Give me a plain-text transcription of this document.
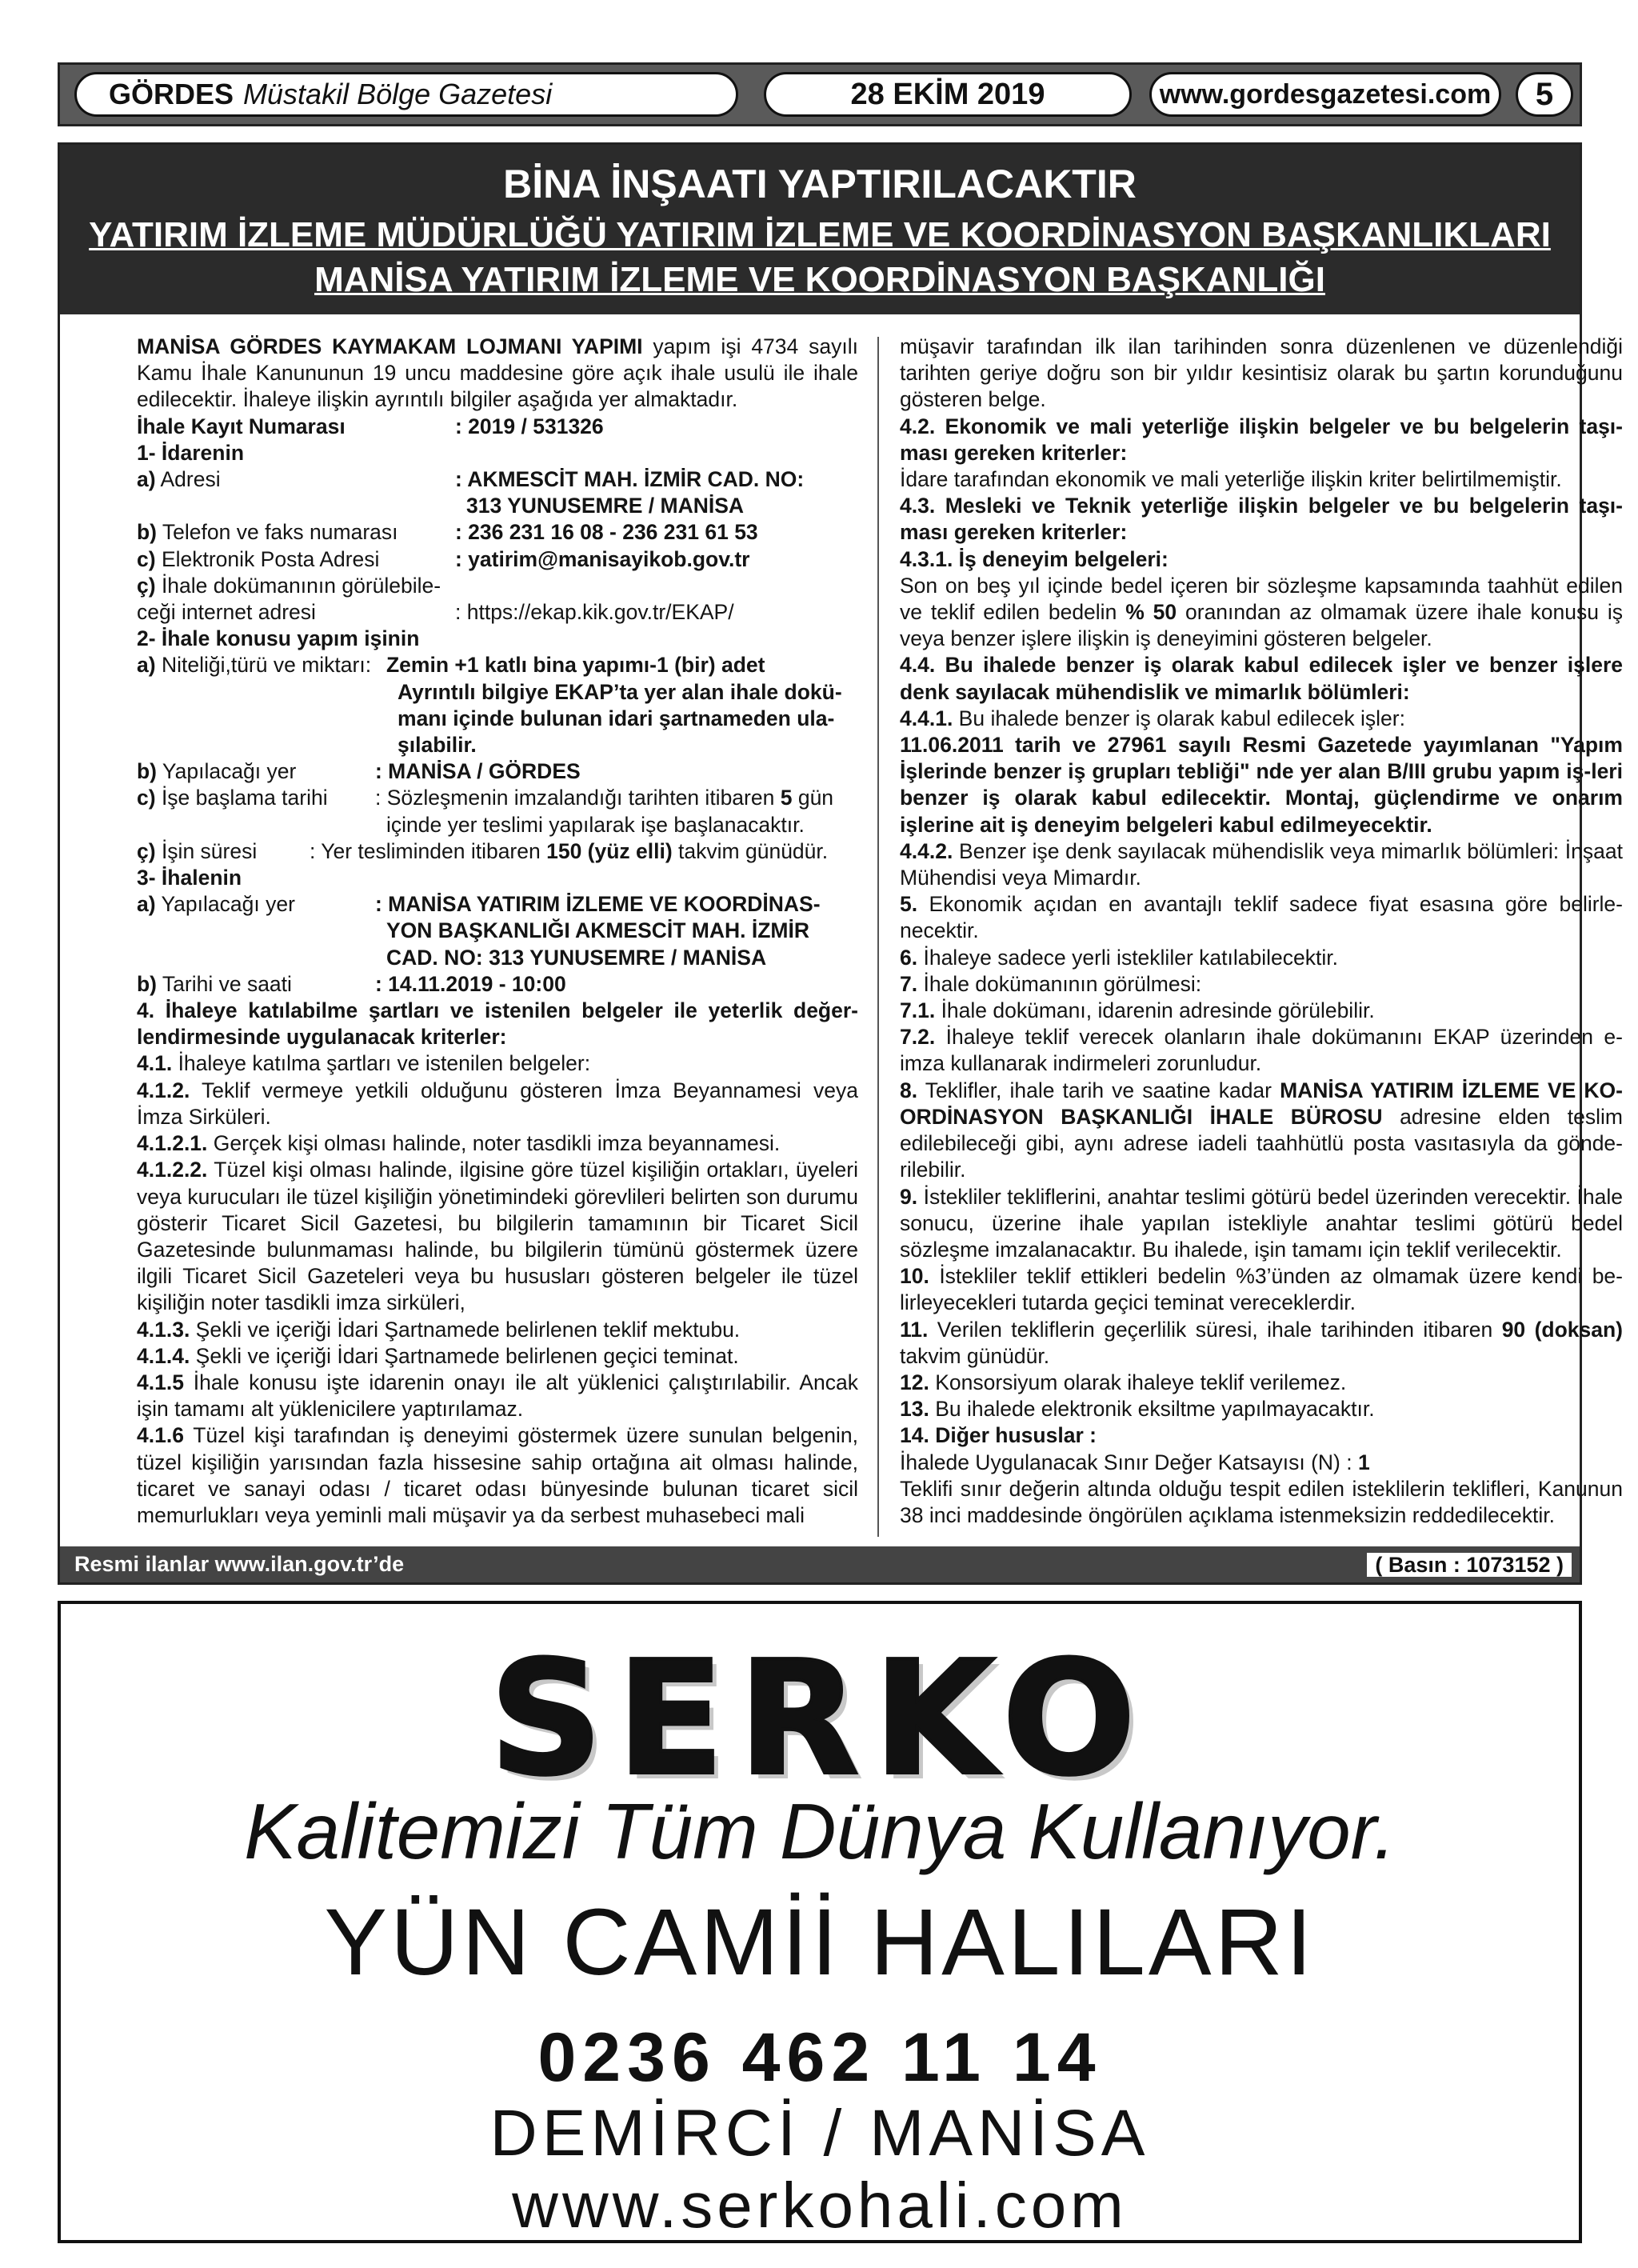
GÖRDES Müstakil Bölge Gazetesi	28 EKİM 2019	www.gordesgazetesi.com	5
BİNA İNŞAATI YAPTIRILACAKTIR
YATIRIM İZLEME MÜDÜRLÜĞÜ YATIRIM İZLEME VE KOORDİNASYON BAŞKANLIKLARI
MANİSA YATIRIM İZLEME VE KOORDİNASYON BAŞKANLIĞI

MANİSA GÖRDES KAYMAKAM LOJMANI YAPIMI yapım işi 4734 sayılı Kamu İhale Kanununun 19 uncu maddesine göre açık ihale usulü ile ihale edilecektir. İhaleye ilişkin ayrıntılı bilgiler aşağıda yer almaktadır.

İhale Kayıt Numarası	: 2019 / 531326

1- İdarenin

a) Adresi	: AKMESCİT MAH. İZMİR CAD. NO:
313 YUNUSEMRE / MANİSA
b) Telefon ve faks numarası	: 236 231 16 08 - 236 231 61 53
c) Elektronik Posta Adresi	: yatirim@manisayikob.gov.tr

ç) İhale dokümanının görülebile-

ceği internet adresi	: https://ekap.kik.gov.tr/EKAP/

2- İhale konusu yapım işinin

a) Niteliği,türü ve miktarı: Zemin +1 katlı bina yapımı-1 (bir) adet
Ayrıntılı bilgiye EKAP’ta yer alan ihale dokü-
manı içinde bulunan idari şartnameden ula-
şılabilir.
b) Yapılacağı yer	: MANİSA / GÖRDES
c) İşe başlama tarihi	: Sözleşmenin imzalandığı tarihten itibaren 5 gün
içinde yer teslimi yapılarak işe başlanacaktır.
ç) İşin süresi	: Yer tesliminden itibaren 150 (yüz elli) takvim günüdür.

3- İhalenin

a) Yapılacağı yer	: MANİSA YATIRIM İZLEME VE KOORDİNAS-
YON BAŞKANLIĞI AKMESCİT MAH. İZMİR
CAD. NO: 313 YUNUSEMRE / MANİSA
b) Tarihi ve saati	: 14.11.2019 - 10:00

4. İhaleye katılabilme şartları ve istenilen belgeler ile yeterlik değer-lendirmesinde uygulanacak kriterler:

4.1. İhaleye katılma şartları ve istenilen belgeler:

4.1.2. Teklif vermeye yetkili olduğunu gösteren İmza Beyannamesi veya İmza Sirküleri.

4.1.2.1. Gerçek kişi olması halinde, noter tasdikli imza beyannamesi.

4.1.2.2. Tüzel kişi olması halinde, ilgisine göre tüzel kişiliğin ortakları, üyeleri veya kurucuları ile tüzel kişiliğin yönetimindeki görevlileri belirten son durumu gösterir Ticaret Sicil Gazetesi, bu bilgilerin tamamının bir Ticaret Sicil Gazetesinde bulunmaması halinde, bu bilgilerin tümünü göstermek üzere ilgili Ticaret Sicil Gazeteleri veya bu hususları gösteren belgeler ile tüzel kişiliğin noter tasdikli imza sirküleri,

4.1.3. Şekli ve içeriği İdari Şartnamede belirlenen teklif mektubu.

4.1.4. Şekli ve içeriği İdari Şartnamede belirlenen geçici teminat.

4.1.5 İhale konusu işte idarenin onayı ile alt yüklenici çalıştırılabilir. Ancak işin tamamı alt yüklenicilere yaptırılamaz.

4.1.6 Tüzel kişi tarafından iş deneyimi göstermek üzere sunulan belgenin, tüzel kişiliğin yarısından fazla hissesine sahip ortağına ait olması halinde, ticaret ve sanayi odası / ticaret odası bünyesinde bulunan ticaret sicil memurlukları veya yeminli mali müşavir ya da serbest muhasebeci mali

müşavir tarafından ilk ilan tarihinden sonra düzenlenen ve düzenlendiği tarihten geriye doğru son bir yıldır kesintisiz olarak bu şartın korunduğunu gösteren belge.

4.2. Ekonomik ve mali yeterliğe ilişkin belgeler ve bu belgelerin taşı-ması gereken kriterler:

İdare tarafından ekonomik ve mali yeterliğe ilişkin kriter belirtilmemiştir.

4.3. Mesleki ve Teknik yeterliğe ilişkin belgeler ve bu belgelerin taşı-ması gereken kriterler:

4.3.1. İş deneyim belgeleri:

Son on beş yıl içinde bedel içeren bir sözleşme kapsamında taahhüt edilen ve teklif edilen bedelin % 50 oranından az olmamak üzere ihale konusu iş veya benzer işlere ilişkin iş deneyimini gösteren belgeler.

4.4. Bu ihalede benzer iş olarak kabul edilecek işler ve benzer işlere denk sayılacak mühendislik ve mimarlık bölümleri:

4.4.1. Bu ihalede benzer iş olarak kabul edilecek işler:

11.06.2011 tarih ve 27961 sayılı Resmi Gazetede yayımlanan "Yapım İşlerinde benzer iş grupları tebliği" nde yer alan B/III grubu yapım iş-leri benzer iş olarak kabul edilecektir. Montaj, güçlendirme ve onarım işlerine ait iş deneyim belgeleri kabul edilmeyecektir.

4.4.2. Benzer işe denk sayılacak mühendislik veya mimarlık bölümleri: İnşaat Mühendisi veya Mimardır.

5. Ekonomik açıdan en avantajlı teklif sadece fiyat esasına göre belirle-necektir.

6. İhaleye sadece yerli istekliler katılabilecektir.

7. İhale dokümanının görülmesi:

7.1. İhale dokümanı, idarenin adresinde görülebilir.

7.2. İhaleye teklif verecek olanların ihale dokümanını EKAP üzerinden e-imza kullanarak indirmeleri zorunludur.

8. Teklifler, ihale tarih ve saatine kadar MANİSA YATIRIM İZLEME VE KO-ORDİNASYON BAŞKANLIĞI İHALE BÜROSU adresine elden teslim edilebileceği gibi, aynı adrese iadeli taahhütlü posta vasıtasıyla da gönde-rilebilir.

9. İstekliler tekliflerini, anahtar teslimi götürü bedel üzerinden verecektir. İhale sonucu, üzerine ihale yapılan istekliyle anahtar teslimi götürü bedel sözleşme imzalanacaktır. Bu ihalede, işin tamamı için teklif verilecektir.

10. İstekliler teklif ettikleri bedelin %3’ünden az olmamak üzere kendi be-lirleyecekleri tutarda geçici teminat vereceklerdir.

11. Verilen tekliflerin geçerlilik süresi, ihale tarihinden itibaren 90 (doksan) takvim günüdür.

12. Konsorsiyum olarak ihaleye teklif verilemez.

13. Bu ihalede elektronik eksiltme yapılmayacaktır.

14. Diğer hususlar :

İhalede Uygulanacak Sınır Değer Katsayısı (N) : 1

Teklifi sınır değerin altında olduğu tespit edilen isteklilerin teklifleri, Kanunun 38 inci maddesinde öngörülen açıklama istenmeksizin reddedilecektir.

Resmi ilanlar www.ilan.gov.tr’de	( Basın : 1073152 )
SERKO
Kalitemizi Tüm Dünya Kullanıyor.
YÜN CAMİİ HALILARI
0236 462 11 14
DEMİRCİ / MANİSA
www.serkohali.com
